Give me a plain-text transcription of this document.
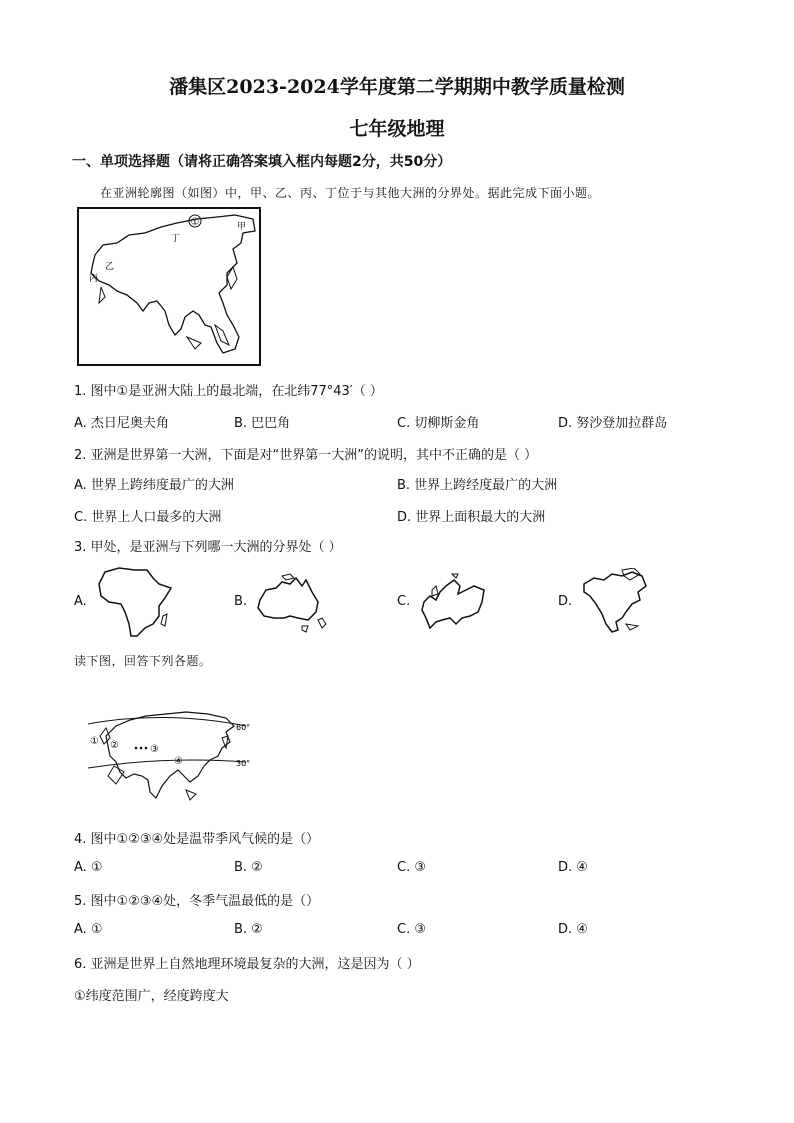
潘集区2023-2024学年度第二学期期中教学质量检测
七年级地理
一、单项选择题（请将正确答案填入框内每题2分，共50分）
在亚洲轮廓图（如图）中，甲、乙、丙、丁位于与其他大洲的分界处。据此完成下面小题。
①	甲
丁
丙
乙
1. 图中①是亚洲大陆上的最北端，在北纬77°43′（ ）
A. 杰日尼奥夫角	B. 巴巴角	C. 切柳斯金角	D. 努沙登加拉群岛
2. 亚洲是世界第一大洲，下面是对“世界第一大洲”的说明，其中不正确的是（ ）
A. 世界上跨纬度最广的大洲	B. 世界上跨经度最广的大洲
C. 世界上人口最多的大洲	D. 世界上面积最大的大洲
3. 甲处，是亚洲与下列哪一大洲的分界处（ ）
A.	B.	C.	D.
读下图，回答下列各题。
60°
30°
① ②	③
④
4. 图中①②③④处是温带季风气候的是（）
A. ①	B. ②	C. ③	D. ④
5. 图中①②③④处，冬季气温最低的是（）
A. ①	B. ②	C. ③	D. ④
6. 亚洲是世界上自然地理环境最复杂的大洲，这是因为（ ）
①纬度范围广，经度跨度大
